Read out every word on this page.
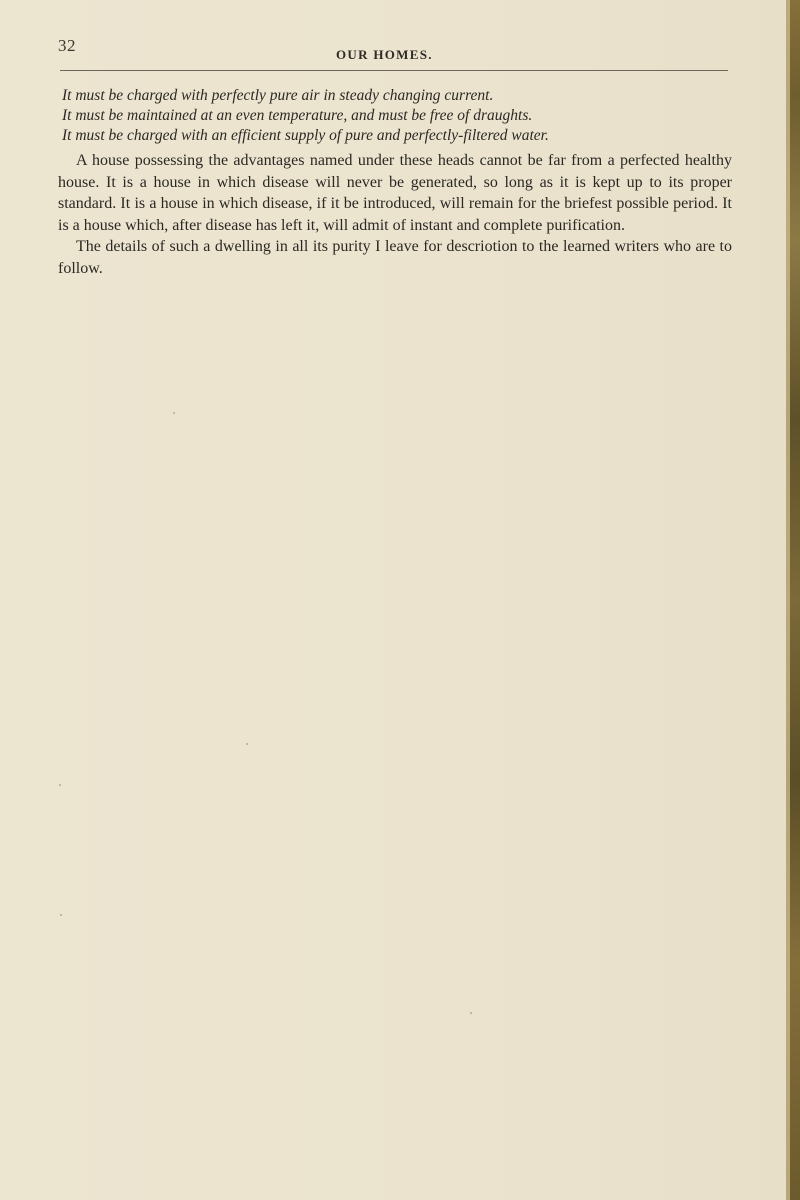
32	OUR HOMES.
It must be charged with perfectly pure air in steady changing current.
It must be maintained at an even temperature, and must be free of draughts.
It must be charged with an efficient supply of pure and perfectly-filtered water.

A house possessing the advantages named under these heads cannot be far from a perfected healthy house. It is a house in which disease will never be generated, so long as it is kept up to its proper standard. It is a house in which disease, if it be introduced, will remain for the briefest possible period. It is a house which, after disease has left it, will admit of instant and complete purification.

The details of such a dwelling in all its purity I leave for descriotion to the learned writers who are to follow.
